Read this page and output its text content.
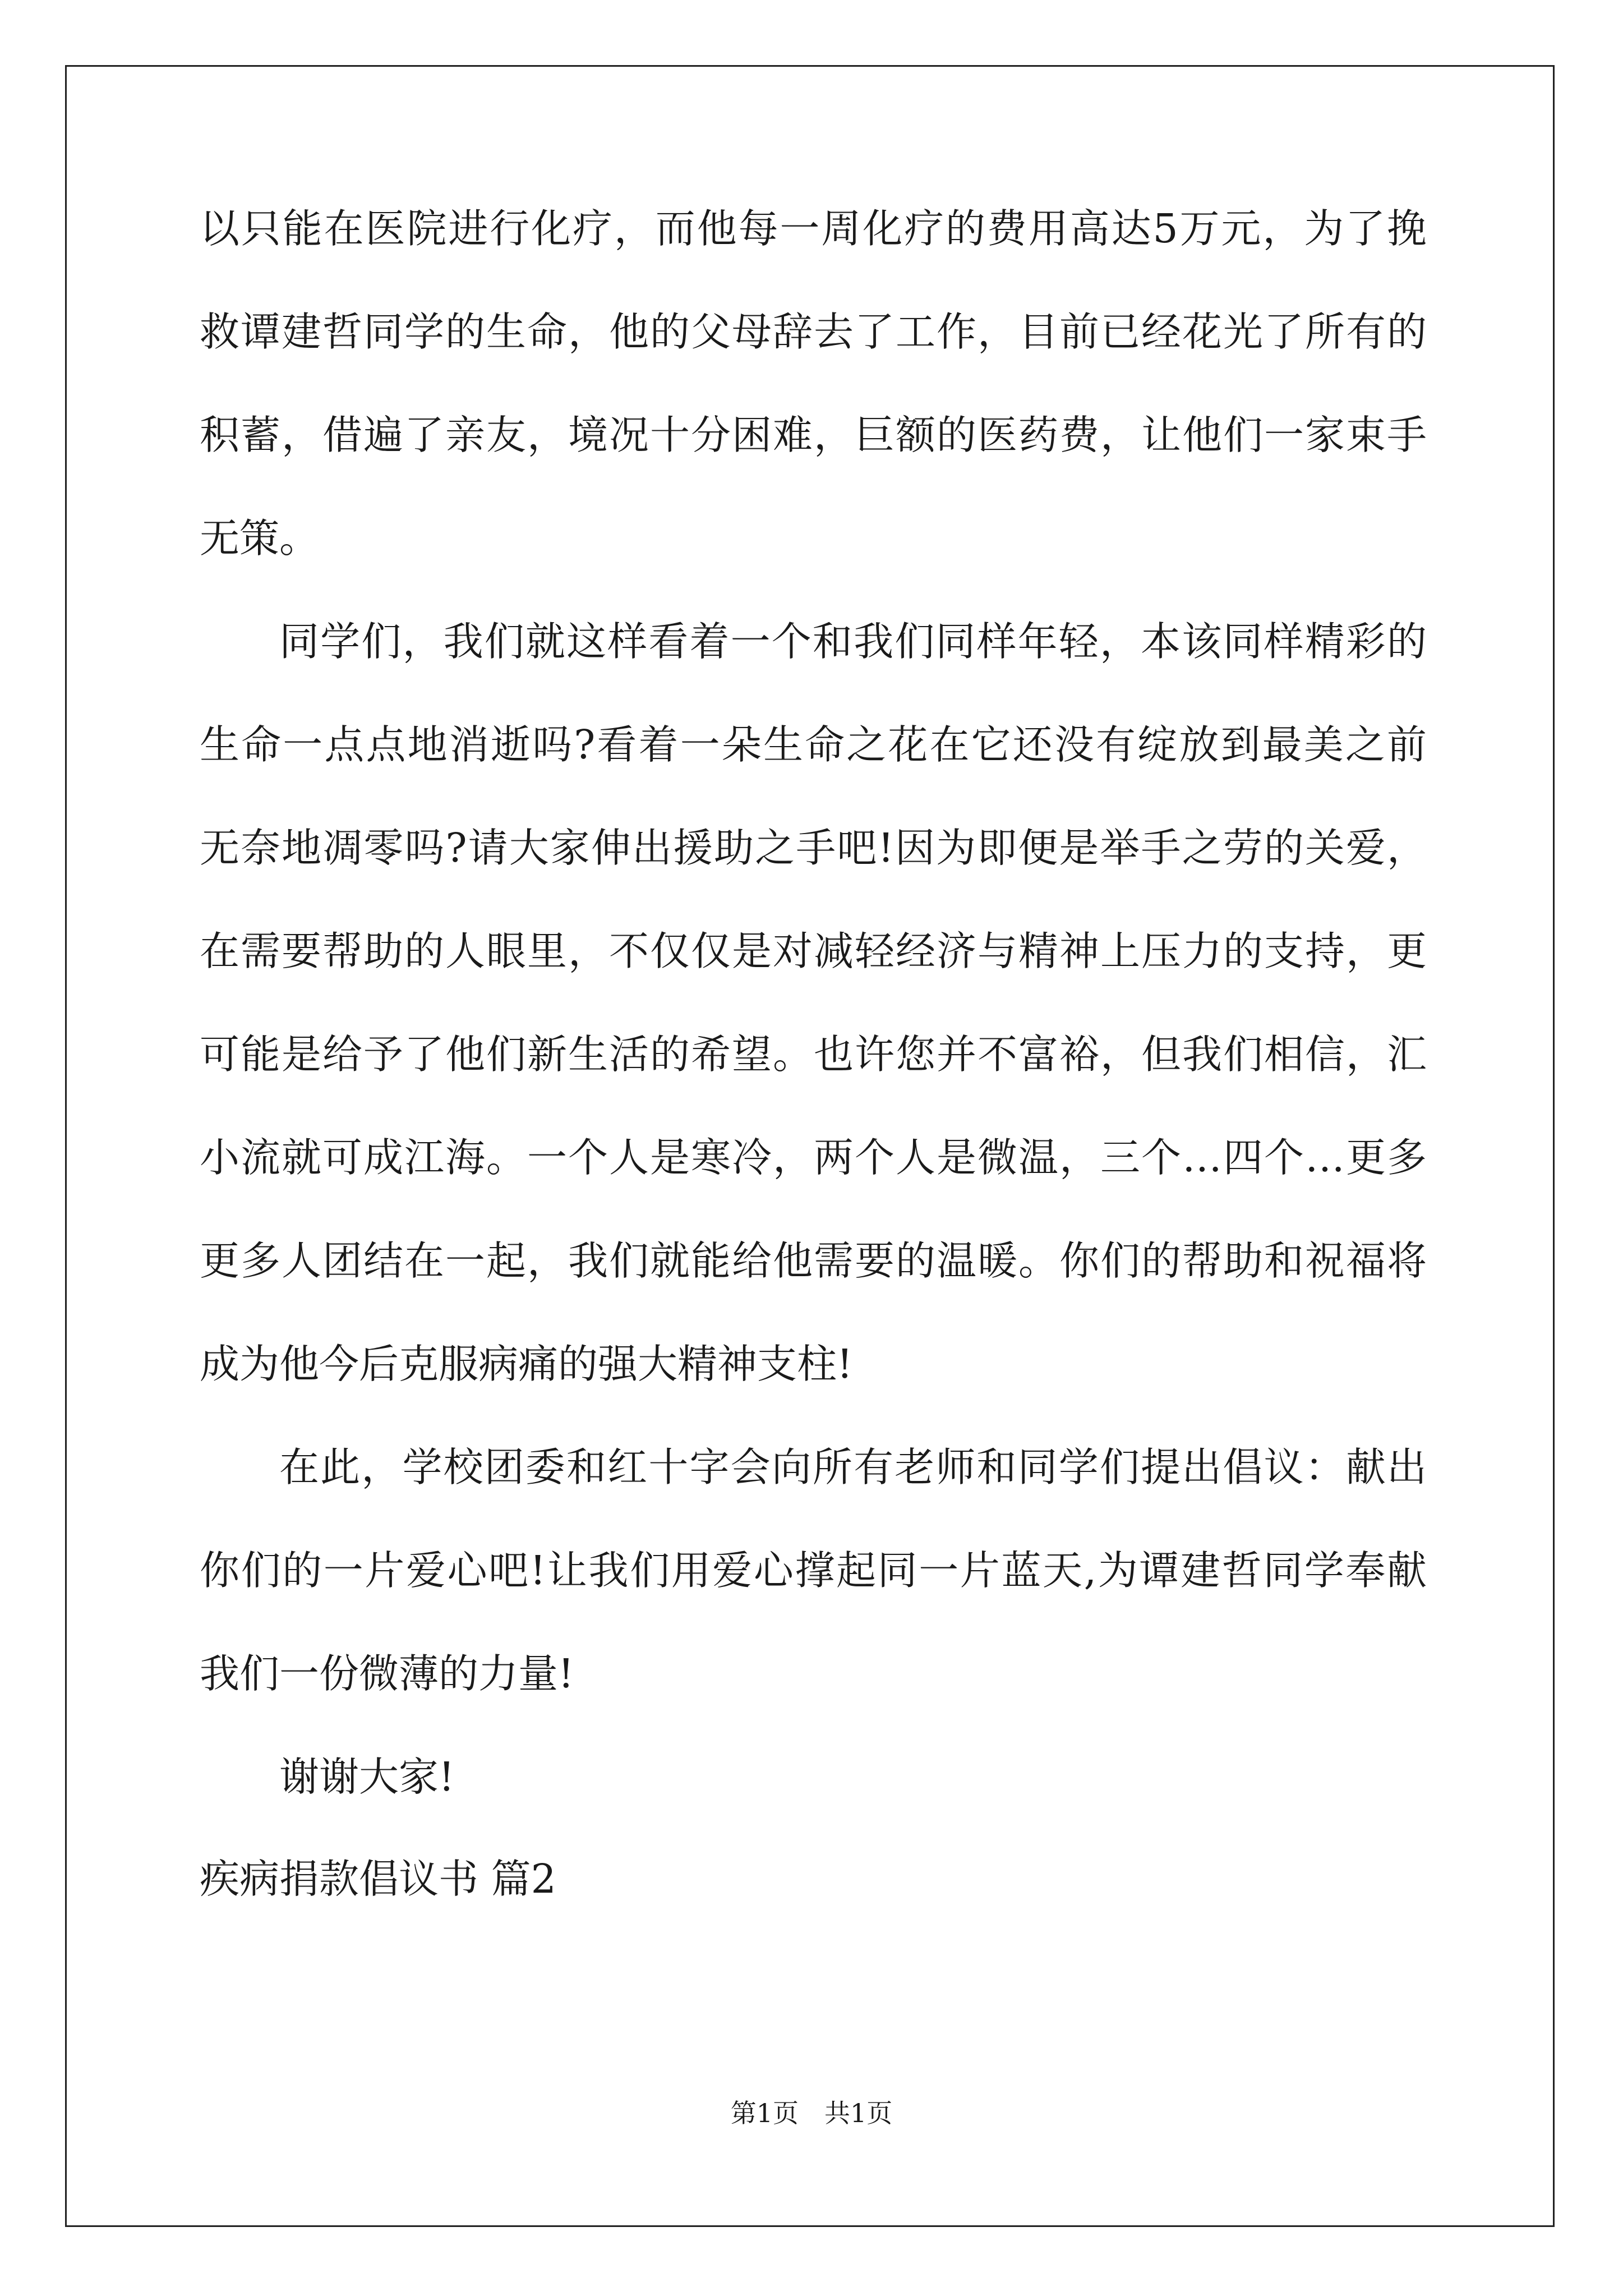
以只能在医院进行化疗，而他每一周化疗的费用高达5万元，为了挽
救谭建哲同学的生命，他的父母辞去了工作，目前已经花光了所有的
积蓄，借遍了亲友，境况十分困难，巨额的医药费，让他们一家束手
无策。
同学们，我们就这样看着一个和我们同样年轻，本该同样精彩的
生命一点点地消逝吗?看着一朵生命之花在它还没有绽放到最美之前
无奈地凋零吗?请大家伸出援助之手吧!因为即便是举手之劳的关爱，
在需要帮助的人眼里，不仅仅是对减轻经济与精神上压力的支持，更
可能是给予了他们新生活的希望。也许您并不富裕，但我们相信，汇
小流就可成江海。一个人是寒冷，两个人是微温，三个…四个…更多
更多人团结在一起，我们就能给他需要的温暖。你们的帮助和祝福将
成为他今后克服病痛的强大精神支柱!
在此，学校团委和红十字会向所有老师和同学们提出倡议：献出
你们的一片爱心吧!让我们用爱心撑起同一片蓝天,为谭建哲同学奉献
我们一份微薄的力量!
谢谢大家!
疾病捐款倡议书 篇2
第1页　共1页
